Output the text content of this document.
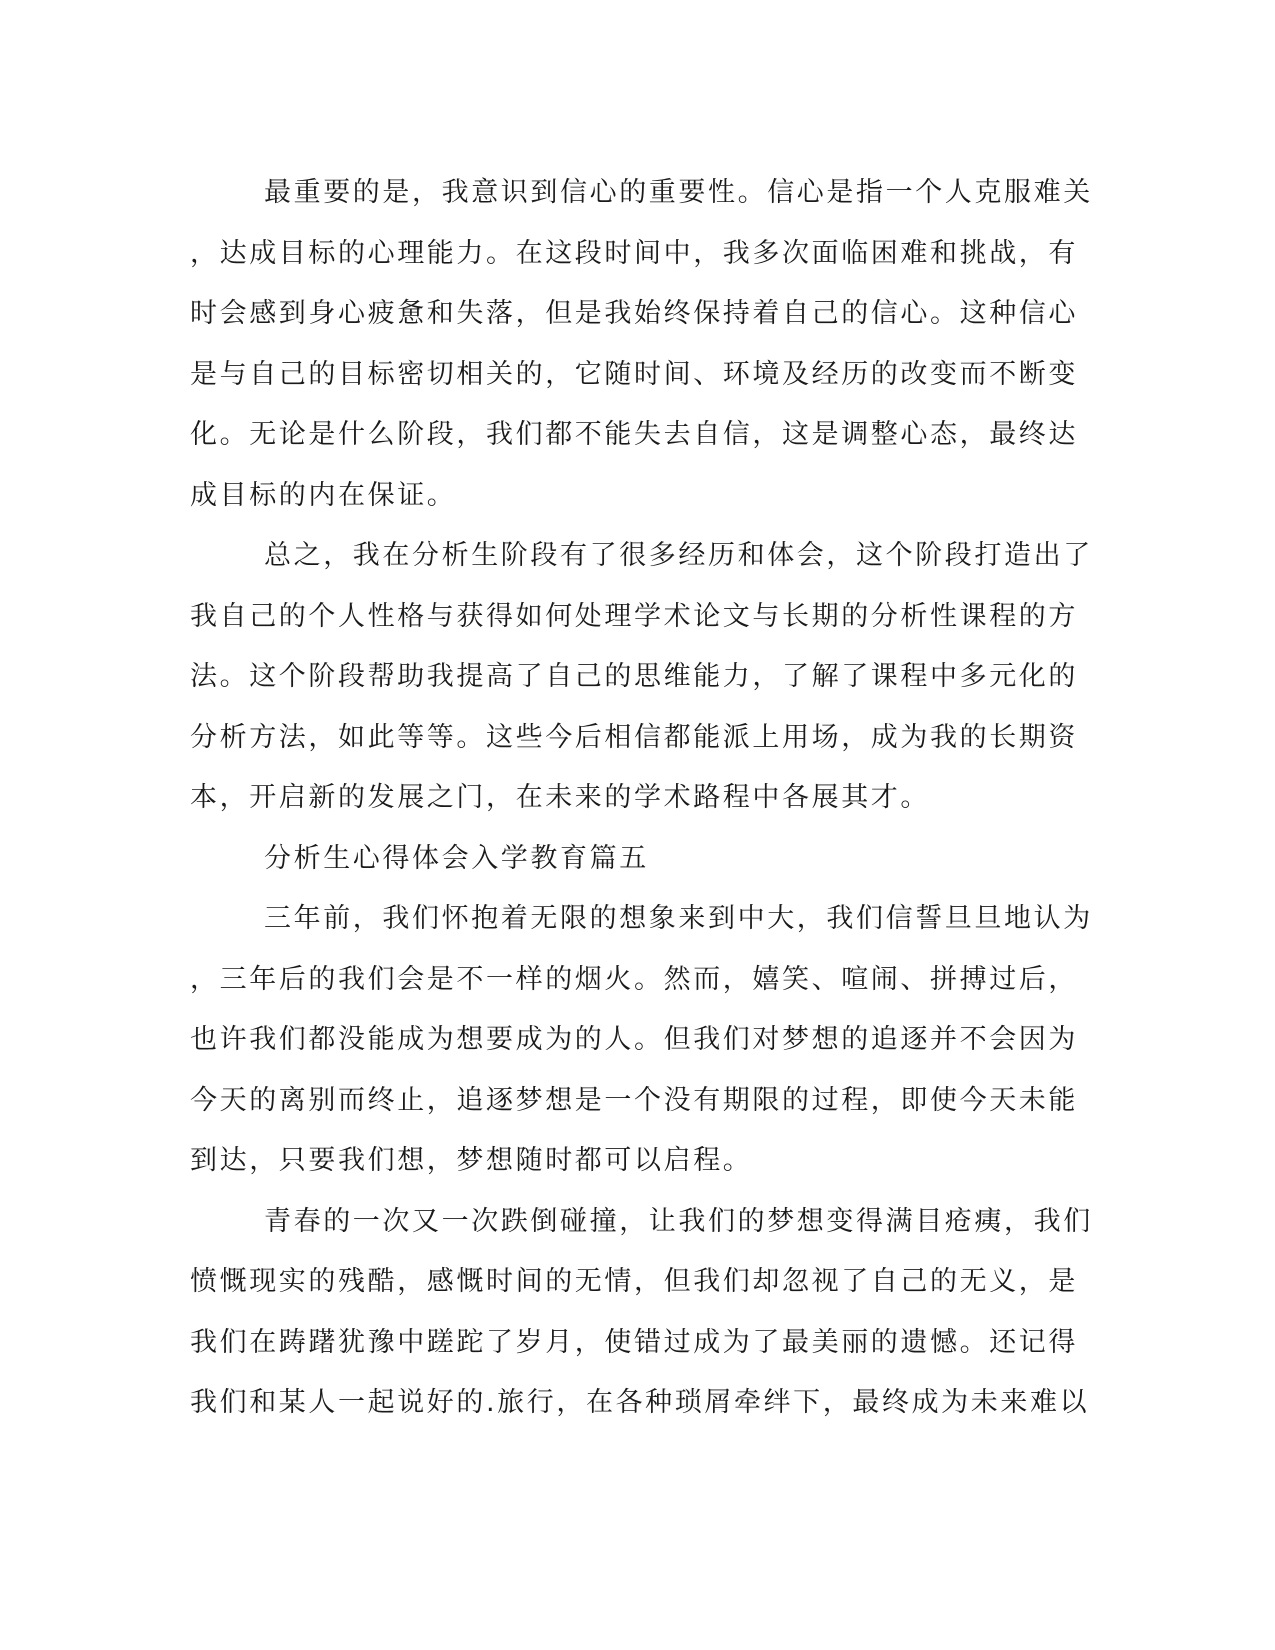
最重要的是，我意识到信心的重要性。信心是指一个人克服难关
，达成目标的心理能力。在这段时间中，我多次面临困难和挑战，有
时会感到身心疲惫和失落，但是我始终保持着自己的信心。这种信心
是与自己的目标密切相关的，它随时间、环境及经历的改变而不断变
化。无论是什么阶段，我们都不能失去自信，这是调整心态，最终达
成目标的内在保证。
总之，我在分析生阶段有了很多经历和体会，这个阶段打造出了
我自己的个人性格与获得如何处理学术论文与长期的分析性课程的方
法。这个阶段帮助我提高了自己的思维能力，了解了课程中多元化的
分析方法，如此等等。这些今后相信都能派上用场，成为我的长期资
本，开启新的发展之门，在未来的学术路程中各展其才。
分析生心得体会入学教育篇五
三年前，我们怀抱着无限的想象来到中大，我们信誓旦旦地认为
，三年后的我们会是不一样的烟火。然而，嬉笑、喧闹、拼搏过后，
也许我们都没能成为想要成为的人。但我们对梦想的追逐并不会因为
今天的离别而终止，追逐梦想是一个没有期限的过程，即使今天未能
到达，只要我们想，梦想随时都可以启程。
青春的一次又一次跌倒碰撞，让我们的梦想变得满目疮痍，我们
愤慨现实的残酷，感慨时间的无情，但我们却忽视了自己的无义，是
我们在踌躇犹豫中蹉跎了岁月，使错过成为了最美丽的遗憾。还记得
我们和某人一起说好的.旅行，在各种琐屑牵绊下，最终成为未来难以
